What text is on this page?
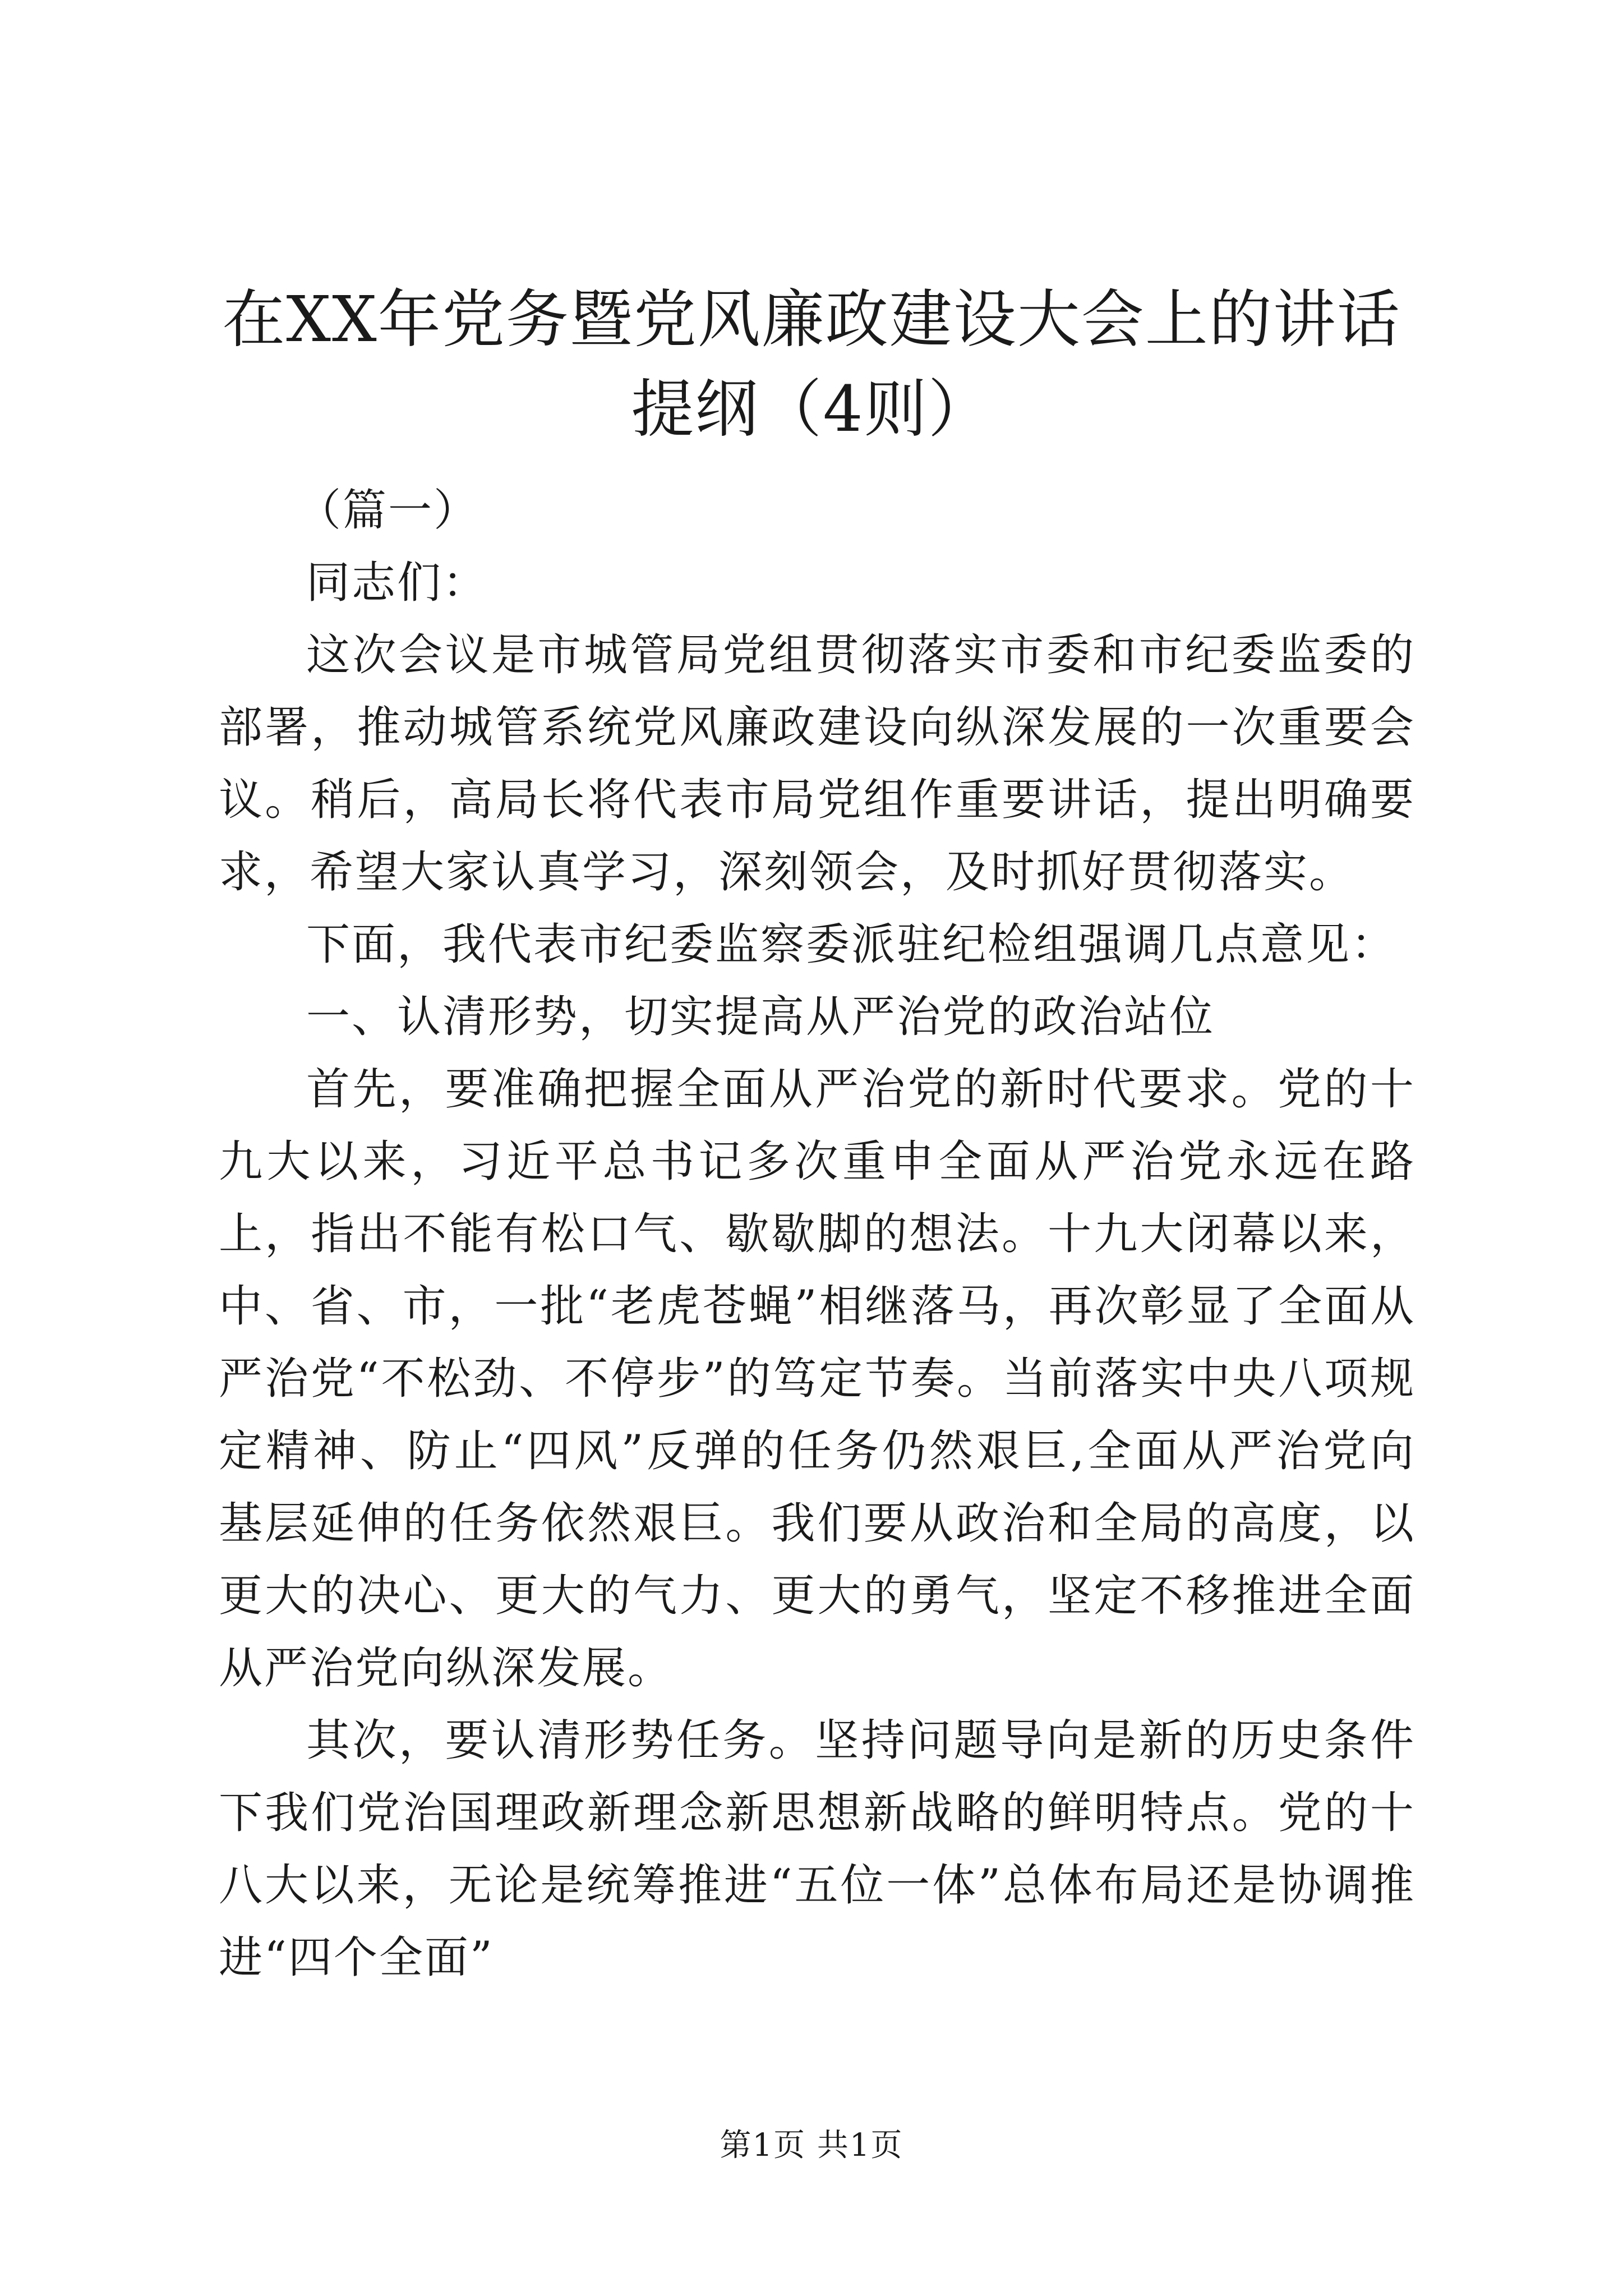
在XX年党务暨党风廉政建设大会上的讲话提纲（4则）

（篇一）

同志们：

这次会议是市城管局党组贯彻落实市委和市纪委监委的部署，推动城管系统党风廉政建设向纵深发展的一次重要会议。稍后，高局长将代表市局党组作重要讲话，提出明确要求，希望大家认真学习，深刻领会，及时抓好贯彻落实。

下面，我代表市纪委监察委派驻纪检组强调几点意见：

一、认清形势，切实提高从严治党的政治站位

首先，要准确把握全面从严治党的新时代要求。党的十九大以来，习近平总书记多次重申全面从严治党永远在路上，指出不能有松口气、歇歇脚的想法。十九大闭幕以来，中、省、市，一批“老虎苍蝇”相继落马，再次彰显了全面从严治党“不松劲、不停步”的笃定节奏。当前落实中央八项规定精神、防止“四风”反弹的任务仍然艰巨,全面从严治党向基层延伸的任务依然艰巨。我们要从政治和全局的高度，以更大的决心、更大的气力、更大的勇气，坚定不移推进全面从严治党向纵深发展。

其次，要认清形势任务。坚持问题导向是新的历史条件下我们党治国理政新理念新思想新战略的鲜明特点。党的十八大以来，无论是统筹推进“五位一体”总体布局还是协调推进“四个全面”

第1页 共1页
